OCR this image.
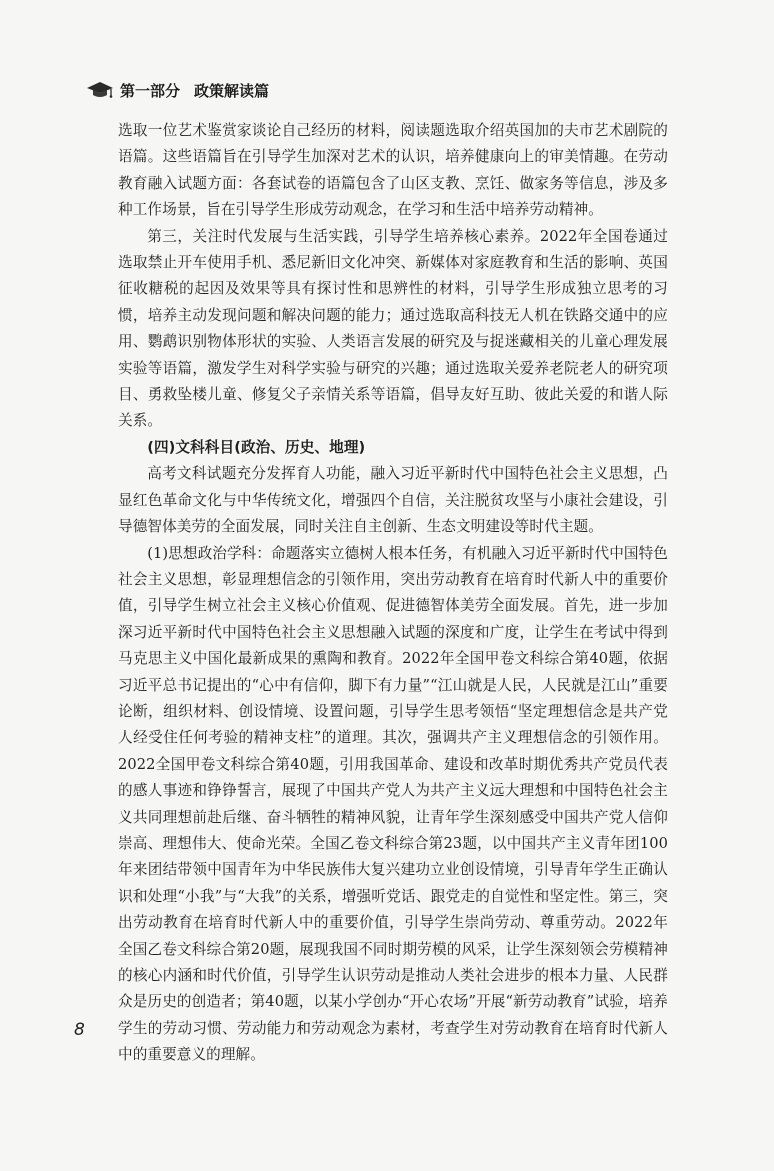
第一部分 政策解读篇

选取一位艺术鉴赏家谈论自己经历的材料，阅读题选取介绍英国加的夫市艺术剧院的语篇。这些语篇旨在引导学生加深对艺术的认识，培养健康向上的审美情趣。在劳动教育融入试题方面：各套试卷的语篇包含了山区支教、烹饪、做家务等信息，涉及多种工作场景，旨在引导学生形成劳动观念，在学习和生活中培养劳动精神。

第三，关注时代发展与生活实践，引导学生培养核心素养。2022年全国卷通过选取禁止开车使用手机、悉尼新旧文化冲突、新媒体对家庭教育和生活的影响、英国征收糖税的起因及效果等具有探讨性和思辨性的材料，引导学生形成独立思考的习惯，培养主动发现问题和解决问题的能力；通过选取高科技无人机在铁路交通中的应用、鹦鹉识别物体形状的实验、人类语言发展的研究及与捉迷藏相关的儿童心理发展实验等语篇，激发学生对科学实验与研究的兴趣；通过选取关爱养老院老人的研究项目、勇救坠楼儿童、修复父子亲情关系等语篇，倡导友好互助、彼此关爱的和谐人际关系。

(四)文科科目(政治、历史、地理)

高考文科试题充分发挥育人功能，融入习近平新时代中国特色社会主义思想，凸显红色革命文化与中华传统文化，增强四个自信，关注脱贫攻坚与小康社会建设，引导德智体美劳的全面发展，同时关注自主创新、生态文明建设等时代主题。

(1)思想政治学科：命题落实立德树人根本任务，有机融入习近平新时代中国特色社会主义思想，彰显理想信念的引领作用，突出劳动教育在培育时代新人中的重要价值，引导学生树立社会主义核心价值观、促进德智体美劳全面发展。首先，进一步加深习近平新时代中国特色社会主义思想融入试题的深度和广度，让学生在考试中得到马克思主义中国化最新成果的熏陶和教育。2022年全国甲卷文科综合第40题，依据习近平总书记提出的“心中有信仰，脚下有力量”“江山就是人民，人民就是江山”重要论断，组织材料、创设情境、设置问题，引导学生思考领悟“坚定理想信念是共产党人经受住任何考验的精神支柱”的道理。其次，强调共产主义理想信念的引领作用。2022全国甲卷文科综合第40题，引用我国革命、建设和改革时期优秀共产党员代表的感人事迹和铮铮誓言，展现了中国共产党人为共产主义远大理想和中国特色社会主义共同理想前赴后继、奋斗牺牲的精神风貌，让青年学生深刻感受中国共产党人信仰崇高、理想伟大、使命光荣。全国乙卷文科综合第23题，以中国共产主义青年团100年来团结带领中国青年为中华民族伟大复兴建功立业创设情境，引导青年学生正确认识和处理“小我”与“大我”的关系，增强听党话、跟党走的自觉性和坚定性。第三，突出劳动教育在培育时代新人中的重要价值，引导学生崇尚劳动、尊重劳动。2022年全国乙卷文科综合第20题，展现我国不同时期劳模的风采，让学生深刻领会劳模精神的核心内涵和时代价值，引导学生认识劳动是推动人类社会进步的根本力量、人民群众是历史的创造者；第40题，以某小学创办“开心农场”开展“新劳动教育”试验，培养学生的劳动习惯、劳动能力和劳动观念为素材，考查学生对劳动教育在培育时代新人中的重要意义的理解。

8
